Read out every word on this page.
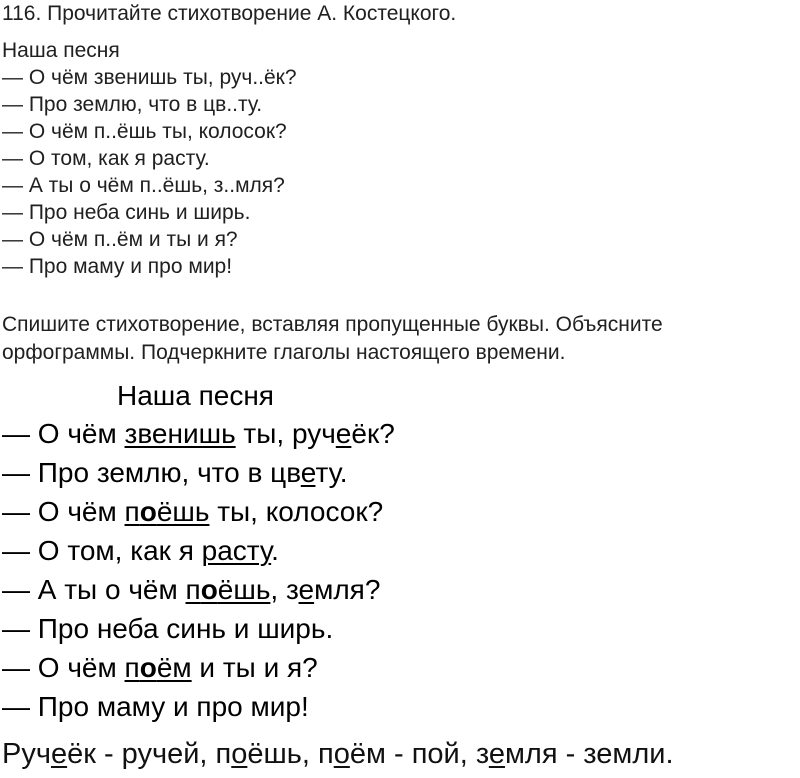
116. Прочитайте стихотворение А. Костецкого.
Наша песня
— О чём звенишь ты, руч..ёк?
— Про землю, что в цв..ту.
— О чём п..ёшь ты, колосок?
— О том, как я расту.
— А ты о чём п..ёшь, з..мля?
— Про неба синь и ширь.
— О чём п..ём и ты и я?
— Про маму и про мир!
Спишите стихотворение, вставляя пропущенные буквы. Объясните орфограммы. Подчеркните глаголы настоящего времени.
Наша песня
— О чём звенишь ты, ручеёк?
— Про землю, что в цвету.
— О чём поёшь ты, колосок?
— О том, как я расту.
— А ты о чём поёшь, земля?
— Про неба синь и ширь.
— О чём поём и ты и я?
— Про маму и про мир!
Ручеёк - ручей, поёшь, поём - пой, земля - земли.
